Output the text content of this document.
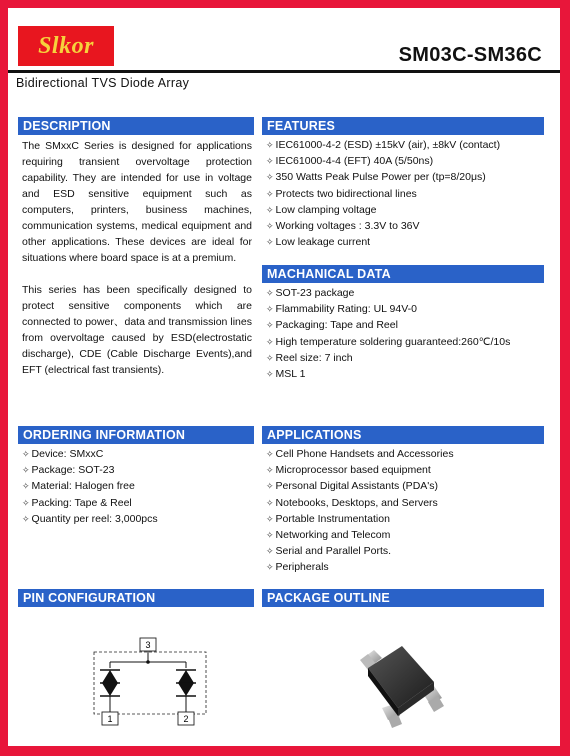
Slkor	SM03C-SM36C
Bidirectional TVS Diode Array
DESCRIPTION
The SMxxC Series is designed for applications requiring transient overvoltage protection capability. They are intended for use in voltage and ESD sensitive equipment such as computers, printers, business machines, communication systems, medical equipment and other applications. These devices are ideal for situations where board space is at a premium.
This series has been specifically designed to protect sensitive components which are connected to power、data and transmission lines from overvoltage caused by ESD(electrostatic discharge), CDE (Cable Discharge Events),and EFT (electrical fast transients).
FEATURES
✧ IEC61000-4-2 (ESD) ±15kV (air), ±8kV (contact)
✧ IEC61000-4-4 (EFT) 40A (5/50ns)
✧ 350 Watts Peak Pulse Power per (tp=8/20μs)
✧ Protects two bidirectional lines
✧ Low clamping voltage
✧ Working voltages : 3.3V to 36V
✧ Low leakage current
MACHANICAL DATA
✧ SOT-23 package
✧ Flammability Rating: UL 94V-0
✧ Packaging: Tape and Reel
✧ High temperature soldering guaranteed:260℃/10s
✧ Reel size: 7 inch
✧ MSL 1
ORDERING INFORMATION
✧ Device: SMxxC
✧ Package: SOT-23
✧ Material: Halogen free
✧ Packing: Tape & Reel
✧ Quantity per reel: 3,000pcs
APPLICATIONS
✧ Cell Phone Handsets and Accessories
✧ Microprocessor based equipment
✧ Personal Digital Assistants (PDA's)
✧ Notebooks, Desktops, and Servers
✧ Portable Instrumentation
✧ Networking and Telecom
✧ Serial and Parallel Ports.
✧ Peripherals
PIN CONFIGURATION	PACKAGE OUTLINE
3
1	2
